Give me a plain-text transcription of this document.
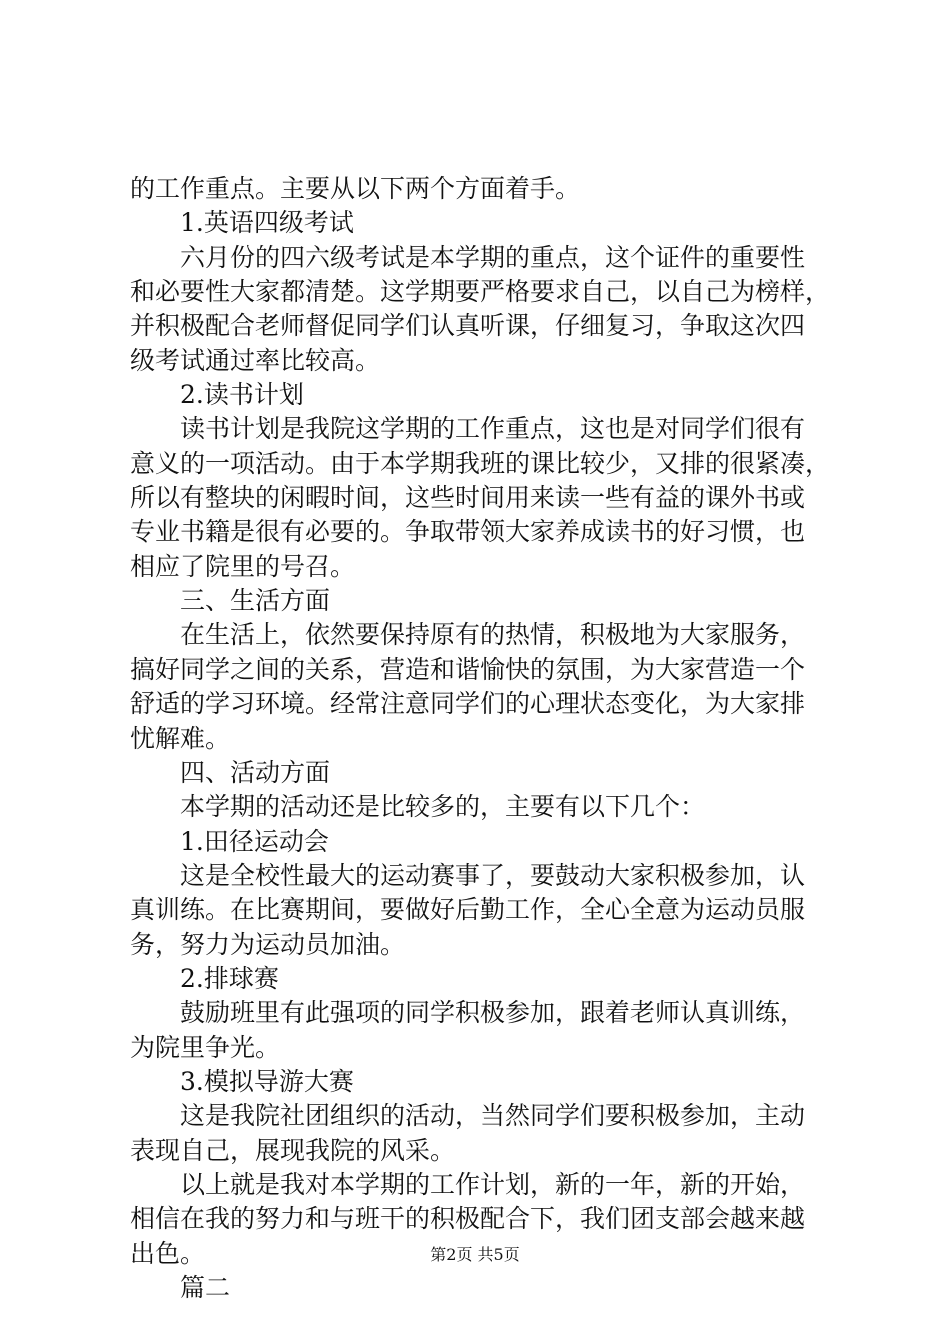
的工作重点。主要从以下两个方面着手。
1.英语四级考试
六月份的四六级考试是本学期的重点，这个证件的重要性
和必要性大家都清楚。这学期要严格要求自己，以自己为榜样，
并积极配合老师督促同学们认真听课，仔细复习，争取这次四
级考试通过率比较高。
2.读书计划
读书计划是我院这学期的工作重点，这也是对同学们很有
意义的一项活动。由于本学期我班的课比较少，又排的很紧凑，
所以有整块的闲暇时间，这些时间用来读一些有益的课外书或
专业书籍是很有必要的。争取带领大家养成读书的好习惯，也
相应了院里的号召。
三、生活方面
在生活上，依然要保持原有的热情，积极地为大家服务，
搞好同学之间的关系，营造和谐愉快的氛围，为大家营造一个
舒适的学习环境。经常注意同学们的心理状态变化，为大家排
忧解难。
四、活动方面
本学期的活动还是比较多的，主要有以下几个：
1.田径运动会
这是全校性最大的运动赛事了，要鼓动大家积极参加，认
真训练。在比赛期间，要做好后勤工作，全心全意为运动员服
务，努力为运动员加油。
2.排球赛
鼓励班里有此强项的同学积极参加，跟着老师认真训练，
为院里争光。
3.模拟导游大赛
这是我院社团组织的活动，当然同学们要积极参加，主动
表现自己，展现我院的风采。
以上就是我对本学期的工作计划，新的一年，新的开始，
相信在我的努力和与班干的积极配合下，我们团支部会越来越
出色。
篇二
第2页 共5页
